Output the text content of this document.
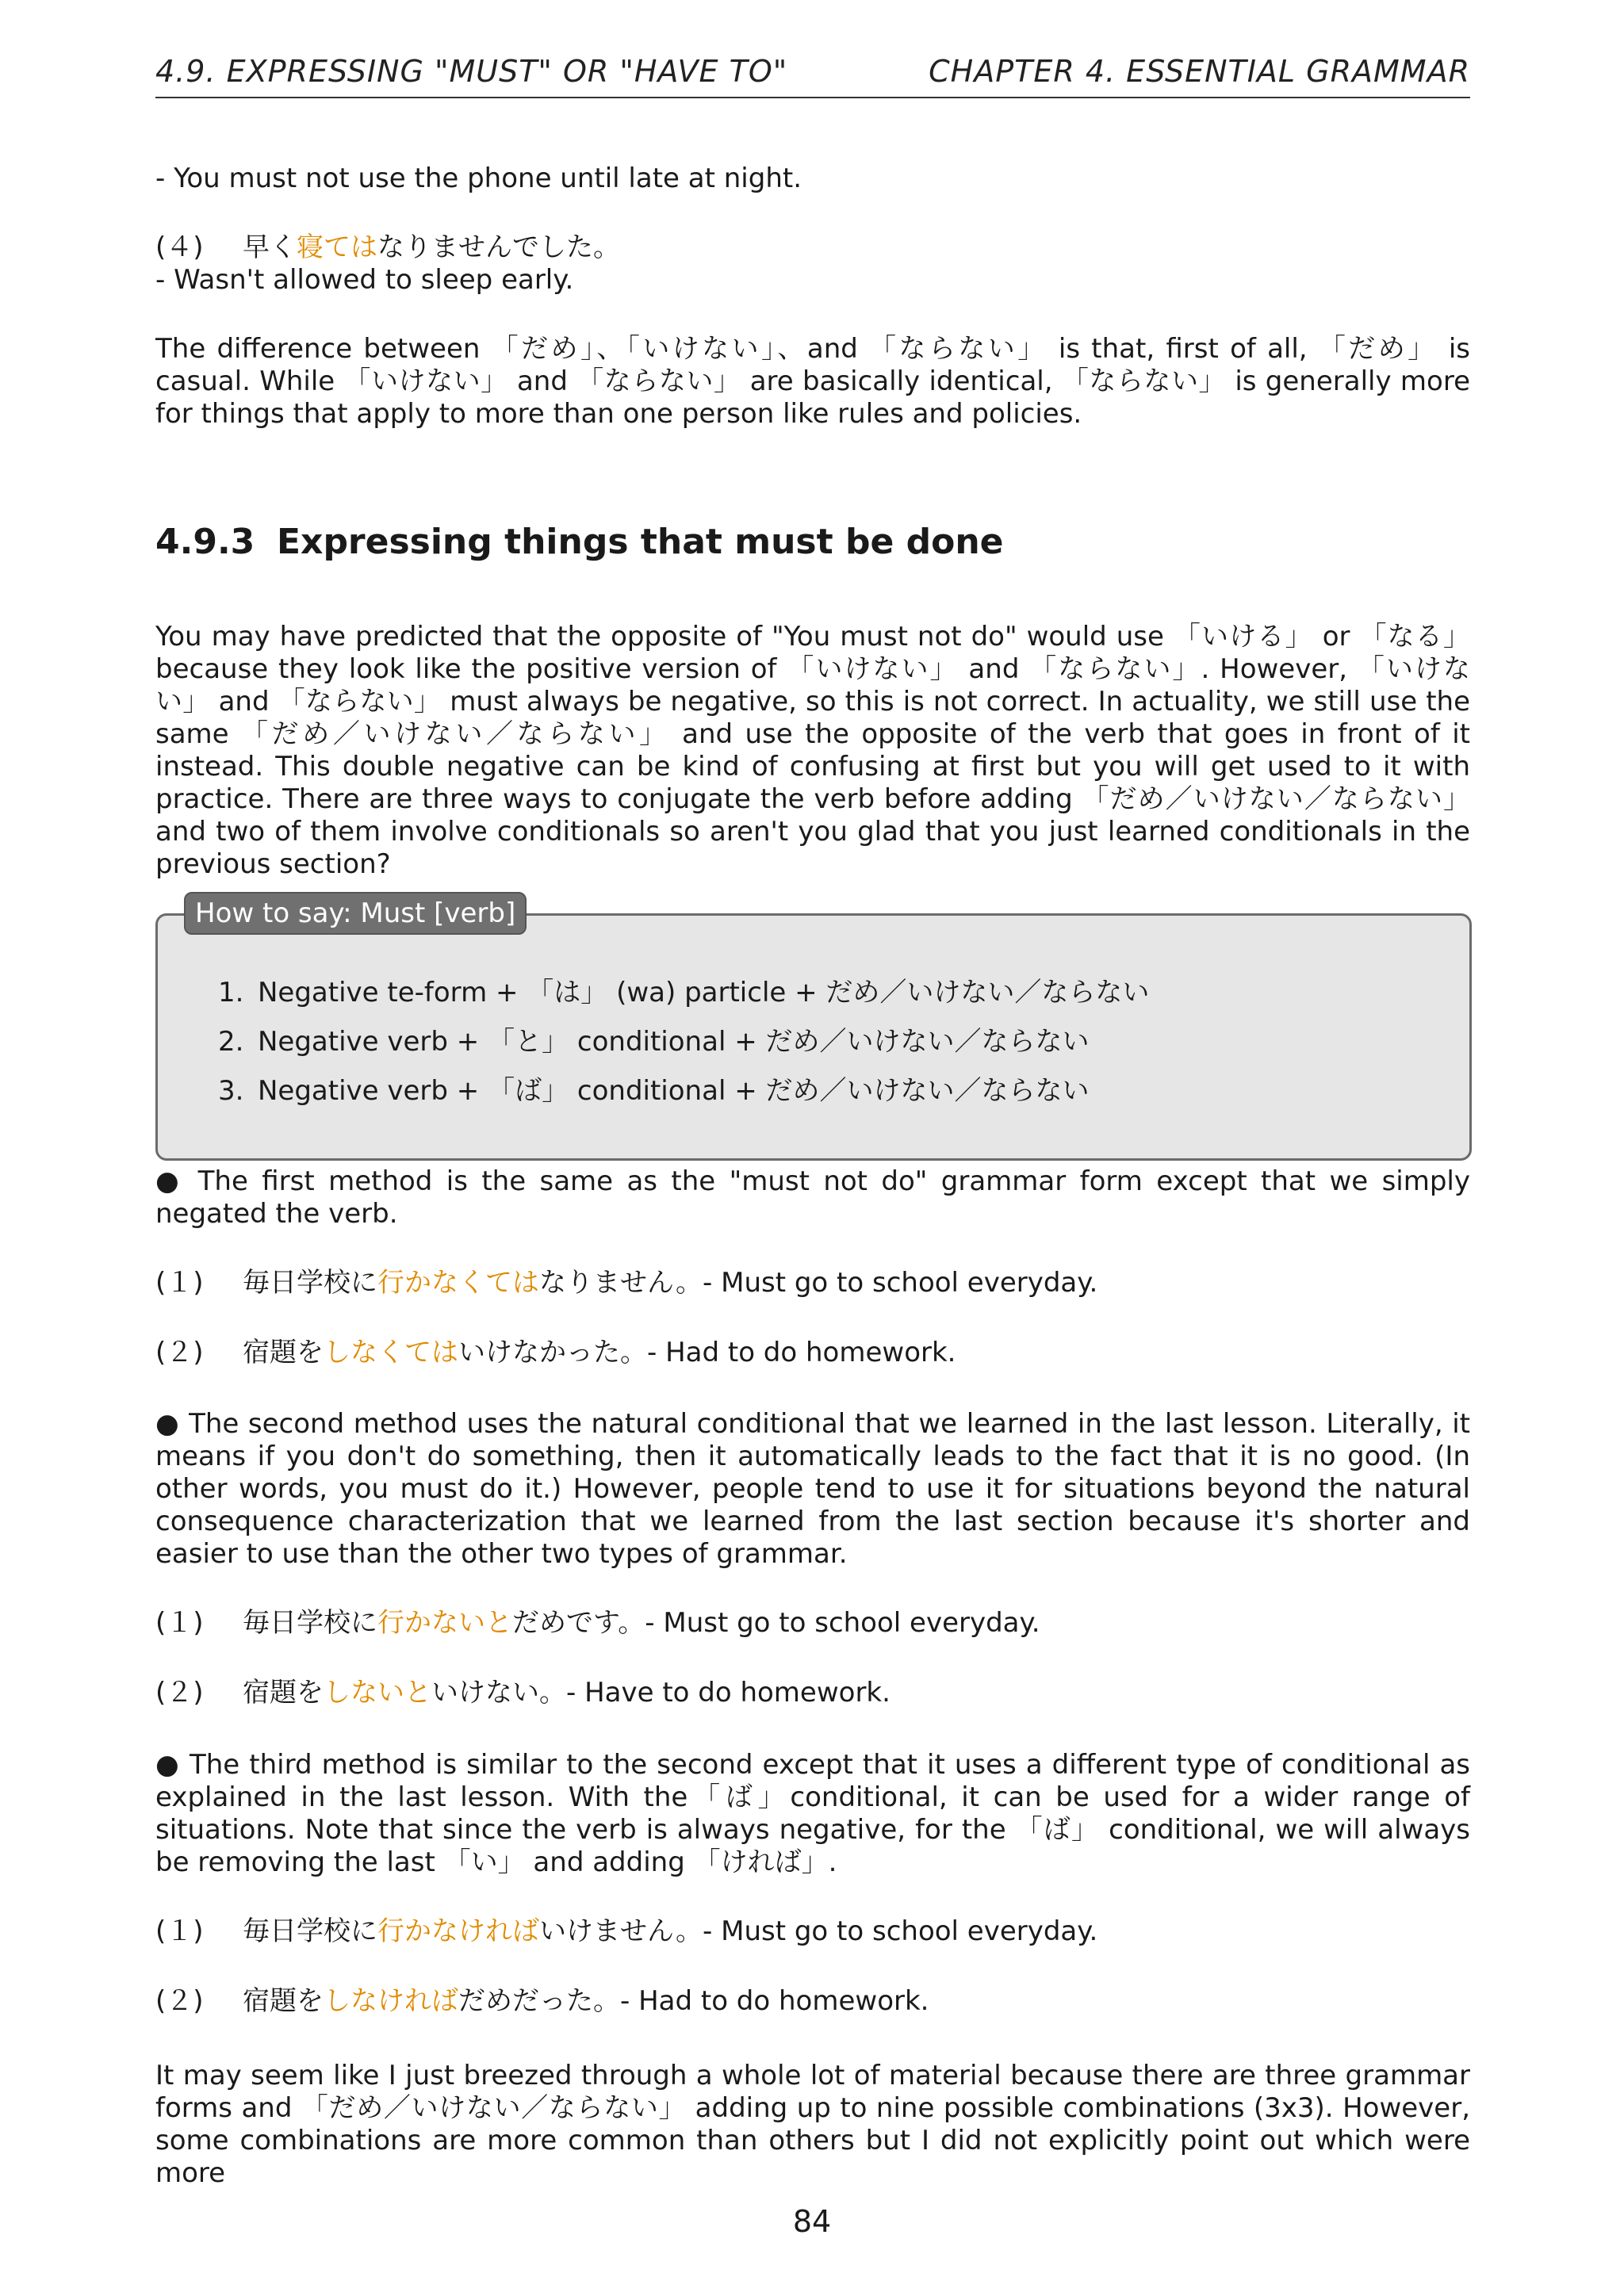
4.9. EXPRESSING "MUST" OR "HAVE TO"	CHAPTER 4. ESSENTIAL GRAMMAR

- You must not use the phone until late at night.

(４) 早く寝てはなりませんでした。

- Wasn't allowed to sleep early.

The difference between 「だめ」、「いけない」、and 「ならない」 is that, first of all, 「だめ」 is casual. While 「いけない」 and 「ならない」 are basically identical, 「ならない」 is generally more for things that apply to more than one person like rules and policies.

4.9.3 Expressing things that must be done

You may have predicted that the opposite of "You must not do" would use 「いける」 or 「なる」 because they look like the positive version of 「いけない」 and 「ならない」. However, 「いけない」 and 「ならない」 must always be negative, so this is not correct. In actuality, we still use the same 「だめ／いけない／ならない」 and use the opposite of the verb that goes in front of it instead. This double negative can be kind of confusing at first but you will get used to it with practice. There are three ways to conjugate the verb before adding 「だめ／いけない／ならない」 and two of them involve conditionals so aren't you glad that you just learned conditionals in the previous section?

How to say: Must [verb]
1. Negative te-form + 「は」 (wa) particle + だめ／いけない／ならない
2. Negative verb + 「と」 conditional + だめ／いけない／ならない
3. Negative verb + 「ば」 conditional + だめ／いけない／ならない

● The first method is the same as the "must not do" grammar form except that we simply negated the verb.

(１) 毎日学校に行かなくてはなりません。- Must go to school everyday.

(２) 宿題をしなくてはいけなかった。- Had to do homework.

● The second method uses the natural conditional that we learned in the last lesson. Literally, it means if you don't do something, then it automatically leads to the fact that it is no good. (In other words, you must do it.) However, people tend to use it for situations beyond the natural consequence characterization that we learned from the last section because it's shorter and easier to use than the other two types of grammar.

(１) 毎日学校に行かないとだめです。- Must go to school everyday.

(２) 宿題をしないといけない。- Have to do homework.

● The third method is similar to the second except that it uses a different type of conditional as explained in the last lesson. With the「ば」conditional, it can be used for a wider range of situations. Note that since the verb is always negative, for the 「ば」 conditional, we will always be removing the last 「い」 and adding 「ければ」.

(１) 毎日学校に行かなければいけません。- Must go to school everyday.

(２) 宿題をしなければだめだった。- Had to do homework.

It may seem like I just breezed through a whole lot of material because there are three grammar forms and 「だめ／いけない／ならない」 adding up to nine possible combinations (3x3). However, some combinations are more common than others but I did not explicitly point out which were more

84
